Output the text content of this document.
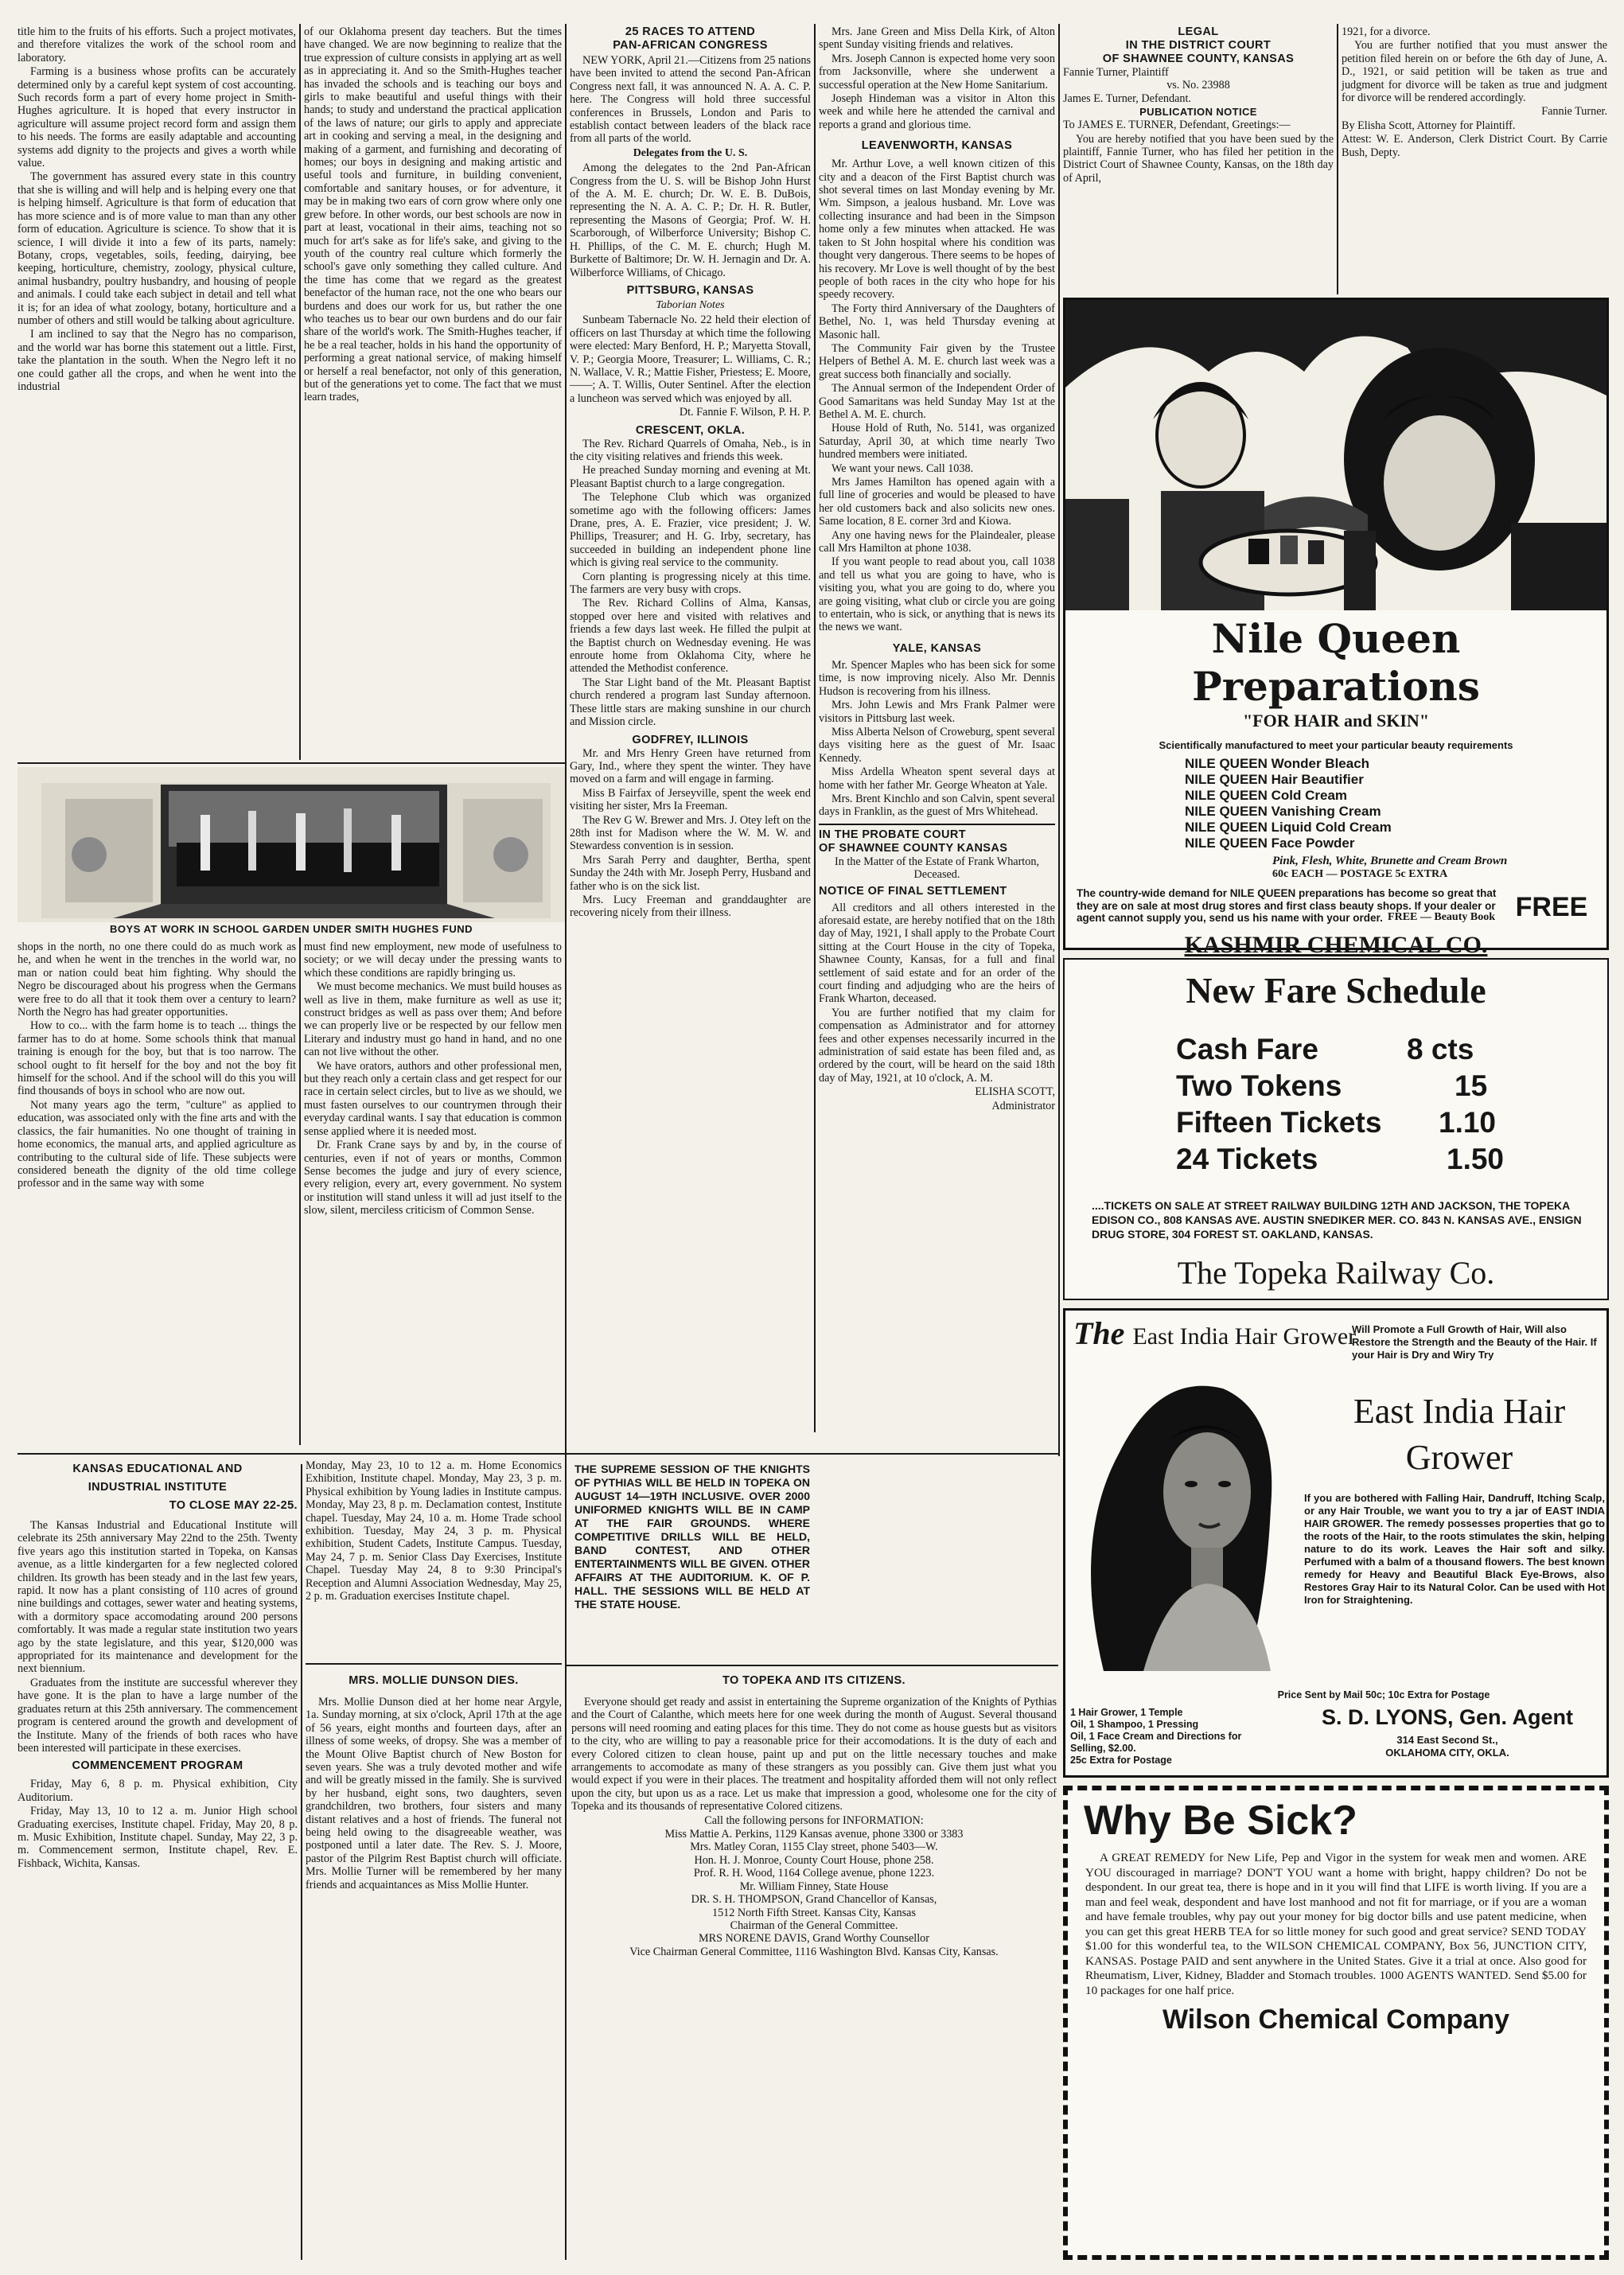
title him to the fruits of his efforts. Such a project motivates, and therefore vitalizes the work of the school room and laboratory.

Farming is a business whose profits can be accurately determined only by a careful kept system of cost accounting. Such records form a part of every home project in Smith-Hughes agriculture. It is hoped that every instructor in agriculture will assume project record form and assign them to his needs. The forms are easily adaptable and accounting systems add dignity to the projects and gives a worth while value.

The government has assured every state in this country that she is willing and will help and is helping every one that is helping himself. Agriculture is that form of education that has more science and is of more value to man than any other form of education. Agriculture is science. To show that it is science, I will divide it into a few of its parts, namely: Botany, crops, vegetables, soils, feeding, dairying, bee keeping, horticulture, chemistry, zoology, physical culture, animal husbandry, poultry husbandry, and housing of people and animals. I could take each subject in detail and tell what it is; for an idea of what zoology, botany, horticulture and a number of others and still would be talking about agriculture.

I am inclined to say that the Negro has no comparison, and the world war has borne this statement out a little. First, take the plantation in the south. When the Negro left it no one could gather all the crops, and when he went into the industrial

of our Oklahoma present day teachers. But the times have changed. We are now beginning to realize that the true expression of culture consists in applying art as well as in appreciating it. And so the Smith-Hughes teacher has invaded the schools and is teaching our boys and girls to make beautiful and useful things with their hands; to study and understand the practical application of the laws of nature; our girls to apply and appreciate art in cooking and serving a meal, in the designing and making of a garment, and furnishing and decorating of homes; our boys in designing and making artistic and useful tools and furniture, in building convenient, comfortable and sanitary houses, or for adventure, it may be in making two ears of corn grow where only one grew before. In other words, our best schools are now in part at least, vocational in their aims, teaching not so much for art's sake as for life's sake, and giving to the youth of the country real culture which formerly the school's gave only something they called culture. And the time has come that we regard as the greatest benefactor of the human race, not the one who bears our burdens and does our work for us, but rather the one who teaches us to bear our own burdens and do our fair share of the world's work. The Smith-Hughes teacher, if he be a real teacher, holds in his hand the opportunity of performing a great national service, of making himself or herself a real benefactor, not only of this generation, but of the generations yet to come. The fact that we must learn trades,

BOYS AT WORK IN SCHOOL GARDEN UNDER SMITH HUGHES FUND

shops in the north, no one there could do as much work as he, and when he went in the trenches in the world war, no man or nation could beat him fighting. Why should the Negro be discouraged about his progress when the Germans were free to do all that it took them over a century to learn? North the Negro has had greater opportunities.

How to co... with the farm home is to teach ... things the farmer has to do at home. Some schools think that manual training is enough for the boy, but that is too narrow. The school ought to fit herself for the boy and not the boy fit himself for the school. And if the school will do this you will find thousands of boys in school who are now out.

Not many years ago the term, "culture" as applied to education, was associated only with the fine arts and with the classics, the fair humanities. No one thought of training in home economics, the manual arts, and applied agriculture as contributing to the cultural side of life. These subjects were considered beneath the dignity of the old time college professor and in the same way with some

must find new employment, new mode of usefulness to society; or we will decay under the pressing wants to which these conditions are rapidly bringing us.

We must become mechanics. We must build houses as well as live in them, make furniture as well as use it; construct bridges as well as pass over them; And before we can properly live or be respected by our fellow men Literary and industry must go hand in hand, and no one can not live without the other.

We have orators, authors and other professional men, but they reach only a certain class and get respect for our race in certain select circles, but to live as we should, we must fasten ourselves to our countrymen through their everyday cardinal wants. I say that education is common sense applied where it is needed most.

Dr. Frank Crane says by and by, in the course of centuries, even if not of years or months, Common Sense becomes the judge and jury of every science, every religion, every art, every government. No system or institution will stand unless it will ad just itself to the slow, silent, merciless criticism of Common Sense.

KANSAS EDUCATIONAL AND
INDUSTRIAL INSTITUTE
TO CLOSE MAY 22-25.

The Kansas Industrial and Educational Institute will celebrate its 25th anniversary May 22nd to the 25th. Twenty five years ago this institution started in Topeka, on Kansas avenue, as a little kindergarten for a few neglected colored children. Its growth has been steady and in the last few years, rapid. It now has a plant consisting of 110 acres of ground nine buildings and cottages, sewer water and heating systems, with a dormitory space accomodating around 200 persons comfortably. It was made a regular state institution two years ago by the state legislature, and this year, $120,000 was appropriated for its maintenance and development for the next biennium.

Graduates from the institute are successful wherever they have gone. It is the plan to have a large number of the graduates return at this 25th anniversary. The commencement program is centered around the growth and development of the Institute. Many of the friends of both races who have been interested will participate in these exercises.

COMMENCEMENT PROGRAM

Friday, May 6, 8 p. m. Physical exhibition, City Auditorium.

Friday, May 13, 10 to 12 a. m. Junior High school Graduating exercises, Institute chapel. Friday, May 20, 8 p. m. Music Exhibition, Institute chapel. Sunday, May 22, 3 p. m. Commencement sermon, Institute chapel, Rev. E. Fishback, Wichita, Kansas.

Monday, May 23, 10 to 12 a. m. Home Economics Exhibition, Institute chapel. Monday, May 23, 3 p. m. Physical exhibition by Young ladies in Institute campus. Monday, May 23, 8 p. m. Declamation contest, Institute chapel. Tuesday, May 24, 10 a. m. Home Trade school exhibition. Tuesday, May 24, 3 p. m. Physical exhibition, Student Cadets, Institute Campus. Tuesday, May 24, 7 p. m. Senior Class Day Exercises, Institute Chapel. Tuesday May 24, 8 to 9:30 Principal's Reception and Alumni Association Wednesday, May 25, 2 p. m. Graduation exercises Institute chapel.

MRS. MOLLIE DUNSON DIES.

Mrs. Mollie Dunson died at her home near Argyle, 1a. Sunday morning, at six o'clock, April 17th at the age of 56 years, eight months and fourteen days, after an illness of some weeks, of dropsy. She was a member of the Mount Olive Baptist church of New Boston for seven years. She was a truly devoted mother and wife and will be greatly missed in the family. She is survived by her husband, eight sons, two daughters, seven grandchildren, two brothers, four sisters and many distant relatives and a host of friends. The funeral not being held owing to the disagreeable weather, was postponed until a later date. The Rev. S. J. Moore, pastor of the Pilgrim Rest Baptist church will officiate. Mrs. Mollie Turner will be remembered by her many friends and acquaintances as Miss Mollie Hunter.

25 RACES TO ATTEND
PAN-AFRICAN CONGRESS

NEW YORK, April 21.—Citizens from 25 nations have been invited to attend the second Pan-African Congress next fall, it was announced N. A. A. C. P. here. The Congress will hold three successful conferences in Brussels, London and Paris to establish contact between leaders of the black race from all parts of the world.

Delegates from the U. S.

Among the delegates to the 2nd Pan-African Congress from the U. S. will be Bishop John Hurst of the A. M. E. church; Dr. W. E. B. DuBois, representing the N. A. A. C. P.; Dr. H. R. Butler, representing the Masons of Georgia; Prof. W. H. Scarborough, of Wilberforce University; Bishop C. H. Phillips, of the C. M. E. church; Hugh M. Burkette of Baltimore; Dr. W. H. Jernagin and Dr. A. Wilberforce Williams, of Chicago.

PITTSBURG, KANSAS
Taborian Notes

Sunbeam Tabernacle No. 22 held their election of officers on last Thursday at which time the following were elected: Mary Benford, H. P.; Maryetta Stovall, V. P.; Georgia Moore, Treasurer; L. Williams, C. R.; N. Wallace, V. R.; Mattie Fisher, Priestess; E. Moore, ——; A. T. Willis, Outer Sentinel. After the election a luncheon was served which was enjoyed by all.

Dt. Fannie F. Wilson, P. H. P.

CRESCENT, OKLA.

The Rev. Richard Quarrels of Omaha, Neb., is in the city visiting relatives and friends this week.

He preached Sunday morning and evening at Mt. Pleasant Baptist church to a large congregation.

The Telephone Club which was organized sometime ago with the following officers: James Drane, pres, A. E. Frazier, vice president; J. W. Phillips, Treasurer; and H. G. Irby, secretary, has succeeded in building an independent phone line which is giving real service to the community.

Corn planting is progressing nicely at this time. The farmers are very busy with crops.

The Rev. Richard Collins of Alma, Kansas, stopped over here and visited with relatives and friends a few days last week. He filled the pulpit at the Baptist church on Wednesday evening. He was enroute home from Oklahoma City, where he attended the Methodist conference.

The Star Light band of the Mt. Pleasant Baptist church rendered a program last Sunday afternoon. These little stars are making sunshine in our church and Mission circle.

GODFREY, ILLINOIS

Mr. and Mrs Henry Green have returned from Gary, Ind., where they spent the winter. They have moved on a farm and will engage in farming.

Miss B Fairfax of Jerseyville, spent the week end visiting her sister, Mrs Ia Freeman.

The Rev G W. Brewer and Mrs. J. Otey left on the 28th inst for Madison where the W. M. W. and Stewardess convention is in session.

Mrs Sarah Perry and daughter, Bertha, spent Sunday the 24th with Mr. Joseph Perry, Husband and father who is on the sick list.

Mrs. Lucy Freeman and granddaughter are recovering nicely from their illness.

Mrs. Jane Green and Miss Della Kirk, of Alton spent Sunday visiting friends and relatives.

Mrs. Joseph Cannon is expected home very soon from Jacksonville, where she underwent a successful operation at the New Home Sanitarium.

Joseph Hindeman was a visitor in Alton this week and while here he attended the carnival and reports a grand and glorious time.

LEAVENWORTH, KANSAS

Mr. Arthur Love, a well known citizen of this city and a deacon of the First Baptist church was shot several times on last Monday evening by Mr. Wm. Simpson, a jealous husband. Mr. Love was collecting insurance and had been in the Simpson home only a few minutes when attacked. He was taken to St John hospital where his condition was thought very dangerous. There seems to be hopes of his recovery. Mr Love is well thought of by the best people of both races in the city who hope for his speedy recovery.

The Forty third Anniversary of the Daughters of Bethel, No. 1, was held Thursday evening at Masonic hall.

The Community Fair given by the Trustee Helpers of Bethel A. M. E. church last week was a great success both financially and socially.

The Annual sermon of the Independent Order of Good Samaritans was held Sunday May 1st at the Bethel A. M. E. church.

House Hold of Ruth, No. 5141, was organized Saturday, April 30, at which time nearly Two hundred members were initiated.

We want your news. Call 1038.

Mrs James Hamilton has opened again with a full line of groceries and would be pleased to have her old customers back and also solicits new ones. Same location, 8 E. corner 3rd and Kiowa.

Any one having news for the Plaindealer, please call Mrs Hamilton at phone 1038.

If you want people to read about you, call 1038 and tell us what you are going to have, who is visiting you, what you are going to do, where you are going visiting, what club or circle you are going to entertain, who is sick, or anything that is news its the news we want.

YALE, KANSAS

Mr. Spencer Maples who has been sick for some time, is now improving nicely. Also Mr. Dennis Hudson is recovering from his illness.

Mrs. John Lewis and Mrs Frank Palmer were visitors in Pittsburg last week.

Miss Alberta Nelson of Croweburg, spent several days visiting here as the guest of Mr. Isaac Kennedy.

Miss Ardella Wheaton spent several days at home with her father Mr. George Wheaton at Yale.

Mrs. Brent Kinchlo and son Calvin, spent several days in Franklin, as the guest of Mrs Whitehead.

IN THE PROBATE COURT
OF SHAWNEE COUNTY KANSAS

In the Matter of the Estate of Frank Wharton, Deceased.

NOTICE OF FINAL SETTLEMENT

All creditors and all others interested in the aforesaid estate, are hereby notified that on the 18th day of May, 1921, I shall apply to the Probate Court sitting at the Court House in the city of Topeka, Shawnee County, Kansas, for a full and final settlement of said estate and for an order of the court finding and adjudging who are the heirs of Frank Wharton, deceased.

You are further notified that my claim for compensation as Administrator and for attorney fees and other expenses necessarily incurred in the administration of said estate has been filed and, as ordered by the court, will be heard on the said 18th day of May, 1921, at 10 o'clock, A. M.

ELISHA SCOTT,

Administrator

THE SUPREME SESSION OF THE KNIGHTS OF PYTHIAS WILL BE HELD IN TOPEKA ON AUGUST 14—19TH INCLUSIVE. OVER 2000 UNIFORMED KNIGHTS WILL BE IN CAMP AT THE FAIR GROUNDS. WHERE COMPETITIVE DRILLS WILL BE HELD, BAND CONTEST, AND OTHER ENTERTAINMENTS WILL BE GIVEN. OTHER AFFAIRS AT THE AUDITORIUM. K. OF P. HALL. THE SESSIONS WILL BE HELD AT THE STATE HOUSE.
TO TOPEKA AND ITS CITIZENS.

Everyone should get ready and assist in entertaining the Supreme organization of the Knights of Pythias and the Court of Calanthe, which meets here for one week during the month of August. Several thousand persons will need rooming and eating places for this time. They do not come as house guests but as visitors to the city, who are willing to pay a reasonable price for their accomodations. It is the duty of each and every Colored citizen to clean house, paint up and put on the little necessary touches and make arrangements to accomodate as many of these strangers as you possibly can. Give them just what you would expect if you were in their places. The treatment and hospitality afforded them will not only reflect upon the city, but upon us as a race. Let us make that impression a good, wholesome one for the city of Topeka and its thousands of representative Colored citizens.

Call the following persons for INFORMATION:

Miss Mattie A. Perkins, 1129 Kansas avenue, phone 3300 or 3383
Mrs. Matley Coran, 1155 Clay street, phone 5403—W.
Hon. H. J. Monroe, County Court House, phone 258.
Prof. R. H. Wood, 1164 College avenue, phone 1223.
Mr. William Finney, State House
DR. S. H. THOMPSON, Grand Chancellor of Kansas,
1512 North Fifth Street. Kansas City, Kansas
Chairman of the General Committee.
MRS NORENE DAVIS, Grand Worthy Counsellor
Vice Chairman General Committee, 1116 Washington Blvd. Kansas City, Kansas.
LEGAL
IN THE DISTRICT COURT
OF SHAWNEE COUNTY, KANSAS
Fannie Turner, Plaintiff
vs. No. 23988
James E. Turner, Defendant.
PUBLICATION NOTICE

To JAMES E. TURNER, Defendant, Greetings:—

You are hereby notified that you have been sued by the plaintiff, Fannie Turner, who has filed her petition in the District Court of Shawnee County, Kansas, on the 18th day of April,

1921, for a divorce.

You are further notified that you must answer the petition filed herein on or before the 6th day of June, A. D., 1921, or said petition will be taken as true and judgment for divorce will be taken as true and judgment for divorce will be rendered accordingly.

Fannie Turner.

By Elisha Scott, Attorney for Plaintiff.

Attest: W. E. Anderson, Clerk District Court. By Carrie Bush, Depty.

Nile Queen Preparations
"FOR HAIR and SKIN"
Scientifically manufactured to meet your particular beauty requirements
NILE QUEEN Wonder Bleach
NILE QUEEN Hair Beautifier
NILE QUEEN Cold Cream
NILE QUEEN Vanishing Cream
NILE QUEEN Liquid Cold Cream
NILE QUEEN Face Powder
Pink, Flesh, White, Brunette and Cream Brown
60c EACH — POSTAGE 5c EXTRA
The country-wide demand for NILE QUEEN preparations has become so great that they are on sale at most drug stores and first class beauty shops. If your dealer or agent cannot supply you, send us his name with your order.	FREE
FREE — Beauty Book
KASHMIR CHEMICAL CO.
New Fare Schedule
Cash Fare	8 cts
Two Tokens	15
Fifteen Tickets	1.10
24 Tickets	1.50
....TICKETS ON SALE AT STREET RAILWAY BUILDING 12TH AND JACKSON, THE TOPEKA EDISON CO., 808 KANSAS AVE. AUSTIN SNEDIKER MER. CO. 843 N. KANSAS AVE., ENSIGN DRUG STORE, 304 FOREST ST. OAKLAND, KANSAS.
The Topeka Railway Co.
The East India Hair Grower
Will Promote a Full Growth of Hair, Will also Restore the Strength and the Beauty of the Hair. If your Hair is Dry and Wiry Try
East India Hair
Grower
If you are bothered with Falling Hair, Dandruff, Itching Scalp, or any Hair Trouble, we want you to try a jar of EAST INDIA HAIR GROWER. The remedy possesses properties that go to the roots of the Hair, to the roots stimulates the skin, helping nature to do its work. Leaves the Hair soft and silky. Perfumed with a balm of a thousand flowers. The best known remedy for Heavy and Beautiful Black Eye-Brows, also Restores Gray Hair to its Natural Color. Can be used with Hot Iron for Straightening.
Price Sent by Mail 50c; 10c Extra for Postage
1 Hair Grower, 1 Temple
Oil, 1 Shampoo, 1 Pressing
Oil, 1 Face Cream and Directions for Selling, $2.00.
25c Extra for Postage
S. D. LYONS, Gen. Agent
314 East Second St.,
OKLAHOMA CITY, OKLA.
Why Be Sick?
A GREAT REMEDY for New Life, Pep and Vigor in the system for weak men and women. ARE YOU discouraged in marriage? DON'T YOU want a home with bright, happy children? Do not be despondent. In our great tea, there is hope and in it you will find that LIFE is worth living. If you are a man and feel weak, despondent and have lost manhood and not fit for marriage, or if you are a woman and have female troubles, why pay out your money for big doctor bills and use patent medicine, when you can get this great HERB TEA for so little money for such good and great service? SEND TODAY $1.00 for this wonderful tea, to the WILSON CHEMICAL COMPANY, Box 56, JUNCTION CITY, KANSAS. Postage PAID and sent anywhere in the United States. Give it a trial at once. Also good for Rheumatism, Liver, Kidney, Bladder and Stomach troubles. 1000 AGENTS WANTED. Send $5.00 for 10 packages for one half price.
Wilson Chemical Company
